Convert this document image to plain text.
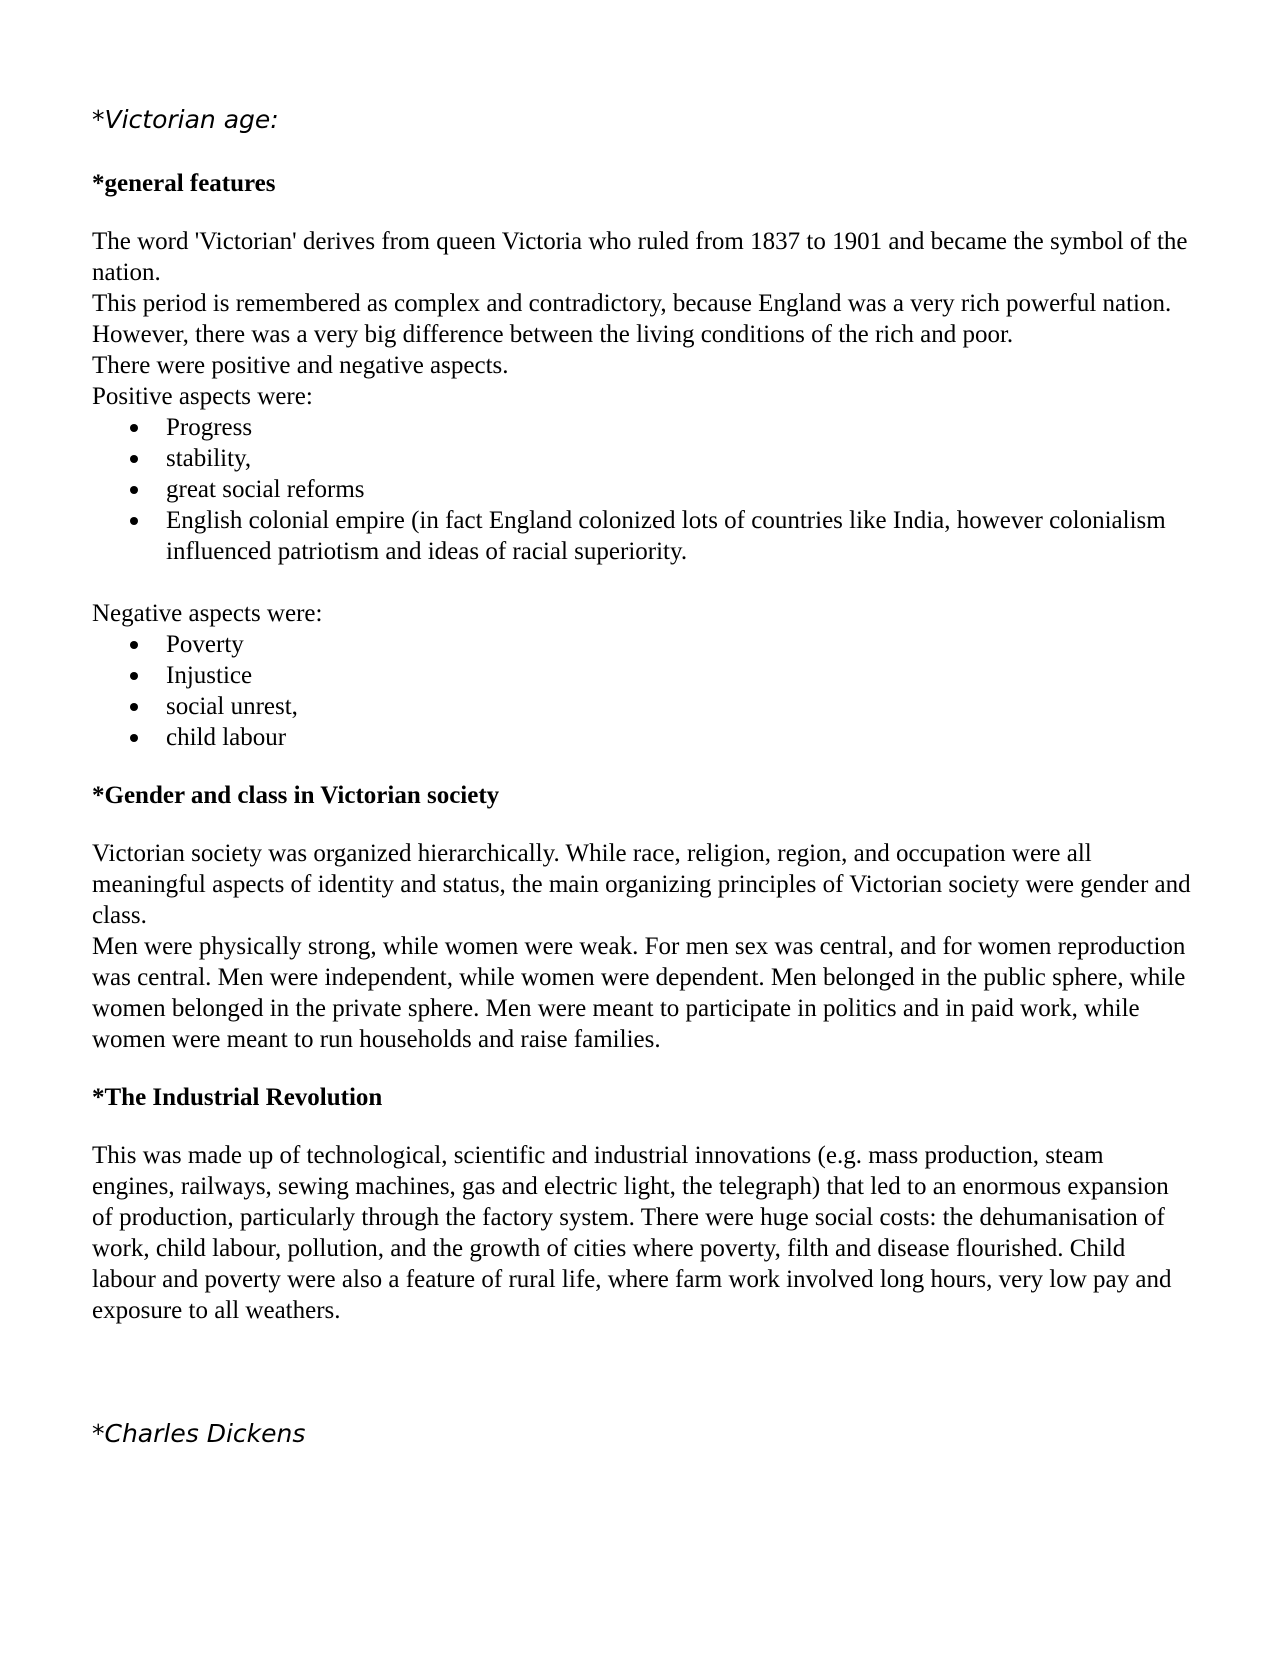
*Victorian age:
*general features

The word 'Victorian' derives from queen Victoria who ruled from 1837 to 1901 and became the symbol of the nation.

This period is remembered as complex and contradictory, because England was a very rich powerful nation. However, there was a very big difference between the living conditions of the rich and poor.

There were positive and negative aspects.

Positive aspects were:

Progress
stability,
great social reforms
English colonial empire (in fact England colonized lots of countries like India, however colonialism influenced patriotism and ideas of racial superiority.

Negative aspects were:

Poverty
Injustice
social unrest,
child labour
*Gender and class in Victorian society

Victorian society was organized hierarchically. While race, religion, region, and occupation were all meaningful aspects of identity and status, the main organizing principles of Victorian society were gender and class.

Men were physically strong, while women were weak. For men sex was central, and for women reproduction was central. Men were independent, while women were dependent. Men belonged in the public sphere, while women belonged in the private sphere. Men were meant to participate in politics and in paid work, while women were meant to run households and raise families.

*The Industrial Revolution

This was made up of technological, scientific and industrial innovations (e.g. mass production, steam engines, railways, sewing machines, gas and electric light, the telegraph) that led to an enormous expansion of production, particularly through the factory system. There were huge social costs: the dehumanisation of work, child labour, pollution, and the growth of cities where poverty, filth and disease flourished. Child labour and poverty were also a feature of rural life, where farm work involved long hours, very low pay and exposure to all weathers.

*Charles Dickens
